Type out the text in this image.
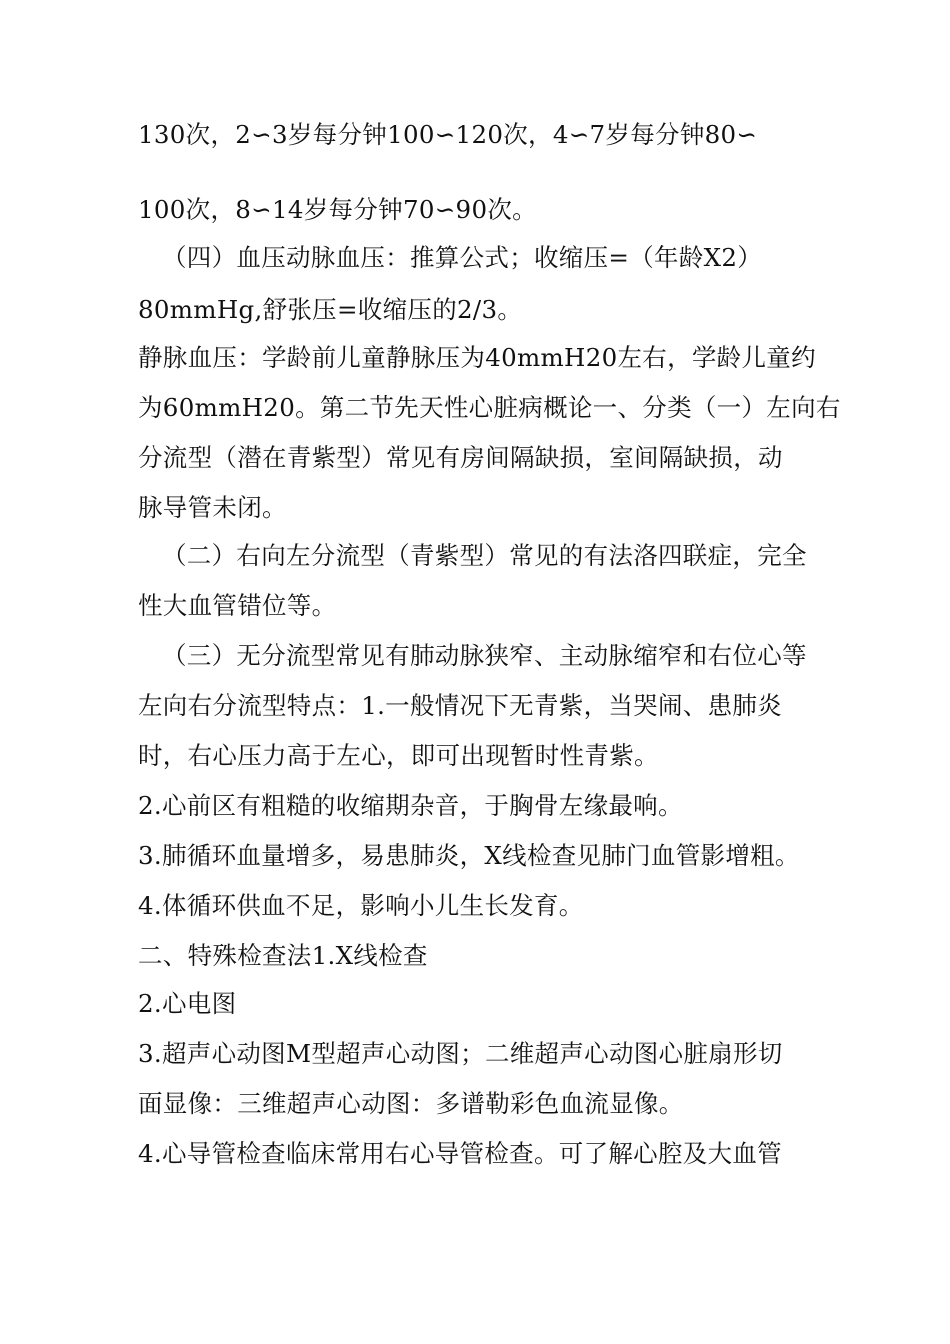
130次，2∽3岁每分钟100∽120次，4∽7岁每分钟80∽
100次，8∽14岁每分钟70∽90次。
（四）血压动脉血压：推算公式；收缩压=（年龄X2）
80mmHg,舒张压=收缩压的2/3。
静脉血压：学龄前儿童静脉压为40mmH20左右，学龄儿童约
为60mmH20。第二节先天性心脏病概论一、分类（一）左向右
分流型（潜在青紫型）常见有房间隔缺损，室间隔缺损，动
脉导管未闭。
（二）右向左分流型（青紫型）常见的有法洛四联症，完全
性大血管错位等。
（三）无分流型常见有肺动脉狭窄、主动脉缩窄和右位心等
左向右分流型特点：1.一般情况下无青紫，当哭闹、患肺炎
时，右心压力高于左心，即可出现暂时性青紫。
2.心前区有粗糙的收缩期杂音，于胸骨左缘最响。
3.肺循环血量增多，易患肺炎，X线检查见肺门血管影增粗。
4.体循环供血不足，影响小儿生长发育。
二、特殊检查法1.X线检查
2.心电图
3.超声心动图M型超声心动图；二维超声心动图心脏扇形切
面显像：三维超声心动图：多谱勒彩色血流显像。
4.心导管检查临床常用右心导管检查。可了解心腔及大血管
